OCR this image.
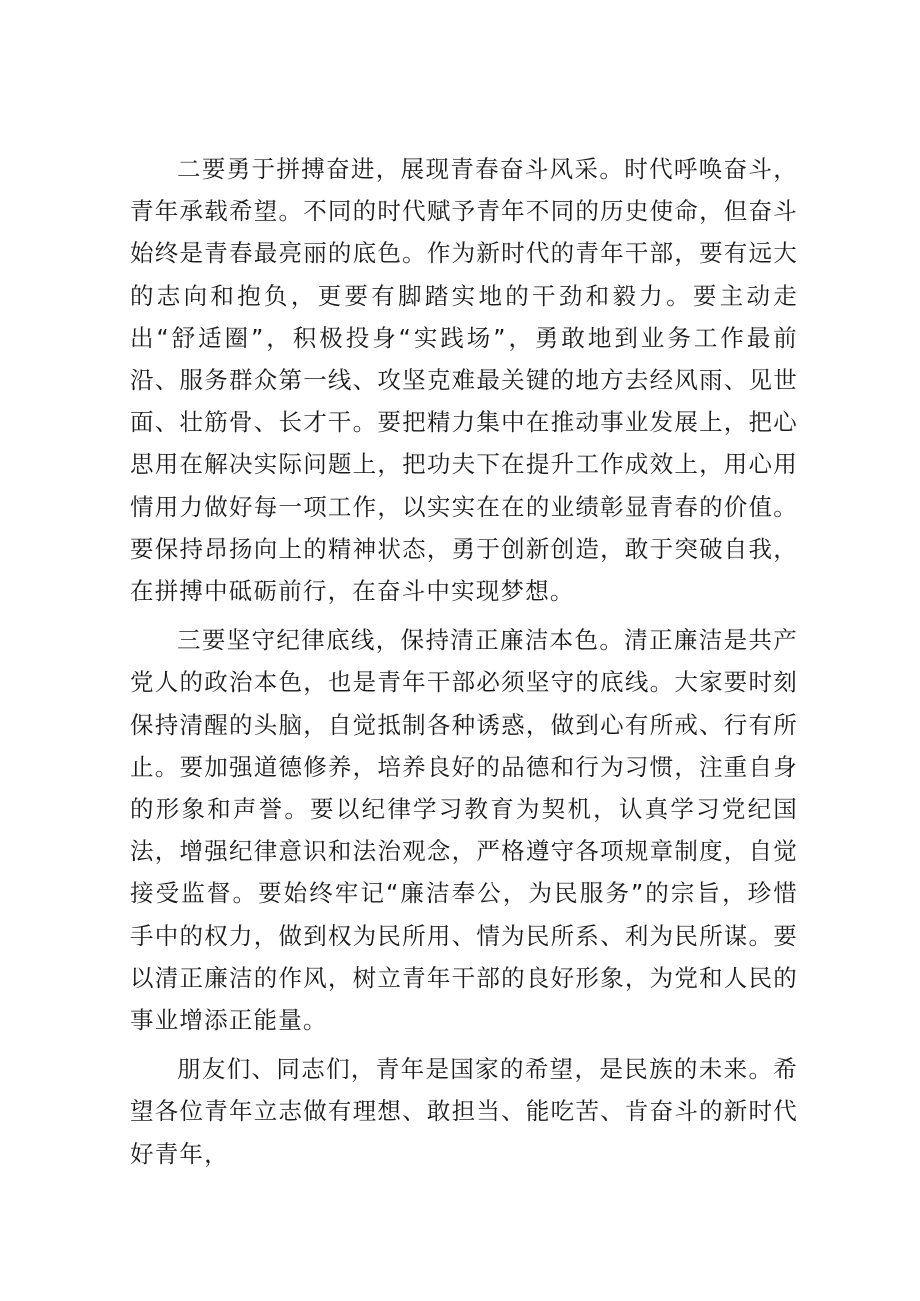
二要勇于拼搏奋进，展现青春奋斗风采。时代呼唤奋斗，青年承载希望。不同的时代赋予青年不同的历史使命，但奋斗始终是青春最亮丽的底色。作为新时代的青年干部，要有远大的志向和抱负，更要有脚踏实地的干劲和毅力。要主动走出“舒适圈”，积极投身“实践场”，勇敢地到业务工作最前沿、服务群众第一线、攻坚克难最关键的地方去经风雨、见世面、壮筋骨、长才干。要把精力集中在推动事业发展上，把心思用在解决实际问题上，把功夫下在提升工作成效上，用心用情用力做好每一项工作，以实实在在的业绩彰显青春的价值。要保持昂扬向上的精神状态，勇于创新创造，敢于突破自我，在拼搏中砥砺前行，在奋斗中实现梦想。

三要坚守纪律底线，保持清正廉洁本色。清正廉洁是共产党人的政治本色，也是青年干部必须坚守的底线。大家要时刻保持清醒的头脑，自觉抵制各种诱惑，做到心有所戒、行有所止。要加强道德修养，培养良好的品德和行为习惯，注重自身的形象和声誉。要以纪律学习教育为契机，认真学习党纪国法，增强纪律意识和法治观念，严格遵守各项规章制度，自觉接受监督。要始终牢记“廉洁奉公，为民服务”的宗旨，珍惜手中的权力，做到权为民所用、情为民所系、利为民所谋。要以清正廉洁的作风，树立青年干部的良好形象，为党和人民的事业增添正能量。

朋友们、同志们，青年是国家的希望，是民族的未来。希望各位青年立志做有理想、敢担当、能吃苦、肯奋斗的新时代好青年，
